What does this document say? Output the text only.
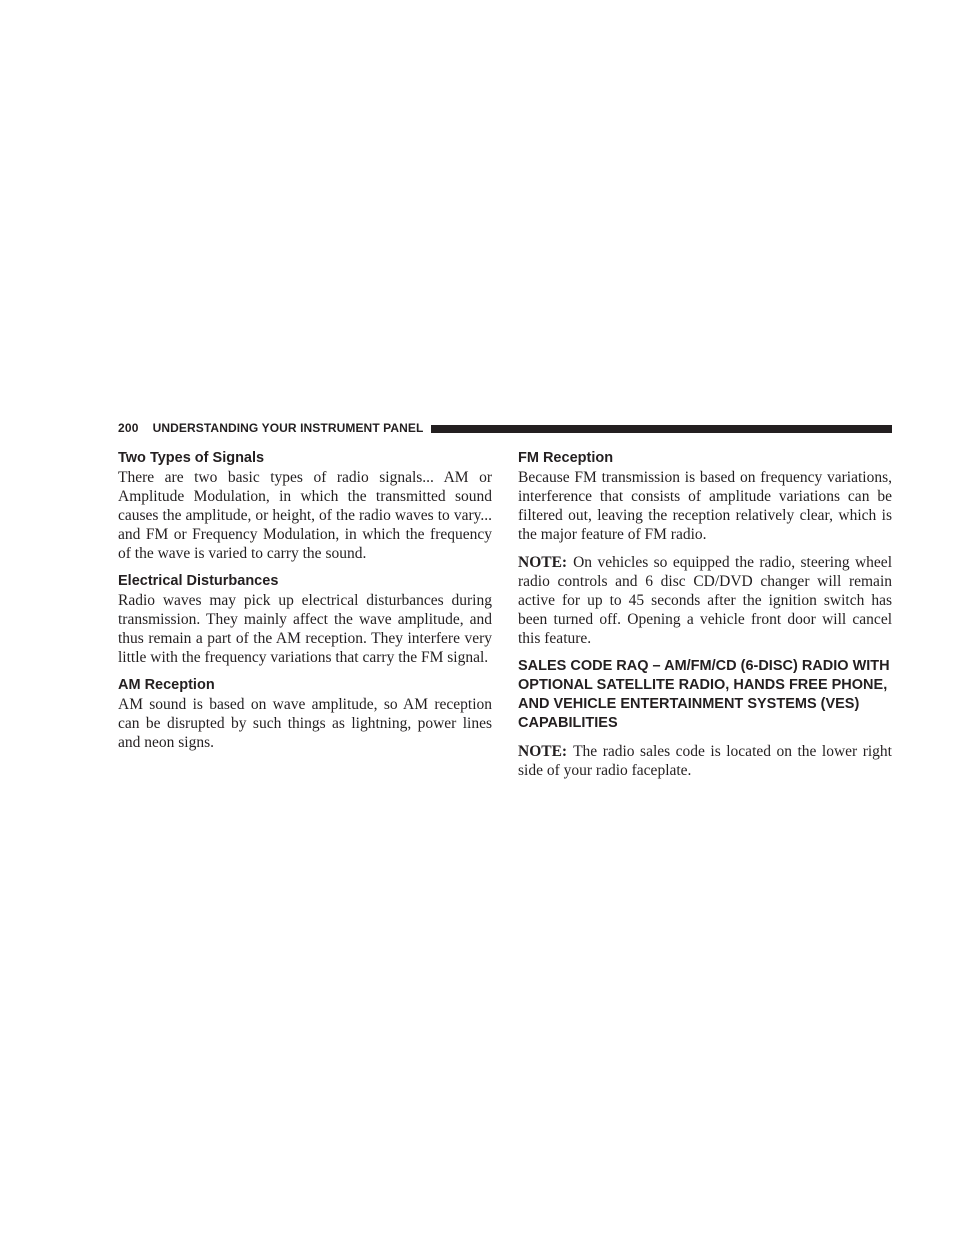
200 UNDERSTANDING YOUR INSTRUMENT PANEL
Two Types of Signals

There are two basic types of radio signals... AM or Amplitude Modulation, in which the transmitted sound causes the amplitude, or height, of the radio waves to vary... and FM or Frequency Modulation, in which the frequency of the wave is varied to carry the sound.

Electrical Disturbances

Radio waves may pick up electrical disturbances during transmission. They mainly affect the wave amplitude, and thus remain a part of the AM reception. They interfere very little with the frequency variations that carry the FM signal.

AM Reception

AM sound is based on wave amplitude, so AM reception can be disrupted by such things as lightning, power lines and neon signs.

FM Reception

Because FM transmission is based on frequency variations, interference that consists of amplitude variations can be filtered out, leaving the reception relatively clear, which is the major feature of FM radio.

NOTE: On vehicles so equipped the radio, steering wheel radio controls and 6 disc CD/DVD changer will remain active for up to 45 seconds after the ignition switch has been turned off. Opening a vehicle front door will cancel this feature.

SALES CODE RAQ – AM/FM/CD (6-DISC) RADIO WITH OPTIONAL SATELLITE RADIO, HANDS FREE PHONE, AND VEHICLE ENTERTAINMENT SYSTEMS (VES) CAPABILITIES

NOTE: The radio sales code is located on the lower right side of your radio faceplate.
